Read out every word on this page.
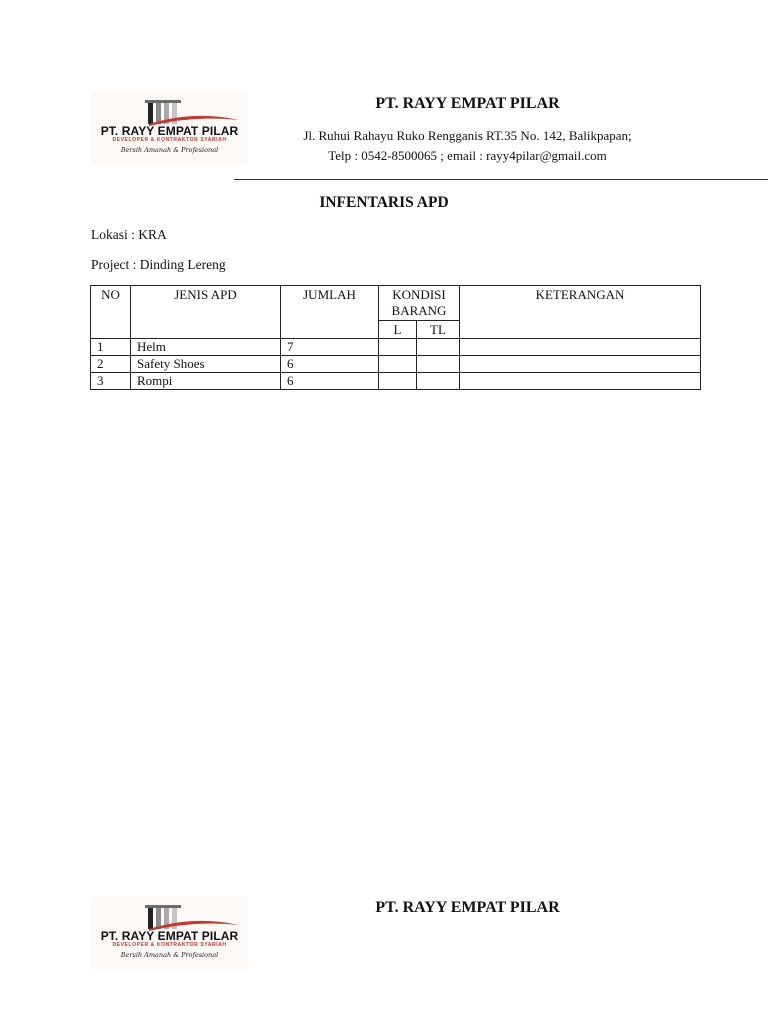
PT. RAYY EMPAT PILAR
DEVELOPER & KONTRAKTOR SYARIAH
Bersih Amanah & Profesional
PT. RAYY EMPAT PILAR
Jl. Ruhui Rahayu Ruko Rengganis RT.35 No. 142, Balikpapan;
Telp : 0542-8500065 ; email : rayy4pilar@gmail.com
INFENTARIS APD
Lokasi : KRA
Project : Dinding Lereng
NO	JENIS APD	JUMLAH	KONDISI BARANG		KETERANGAN
			L	TL	
1	Helm	7			
2	Safety Shoes	6			
3	Rompi	6			
PT. RAYY EMPAT PILAR
DEVELOPER & KONTRAKTOR SYARIAH
Bersih Amanah & Profesional
PT. RAYY EMPAT PILAR
